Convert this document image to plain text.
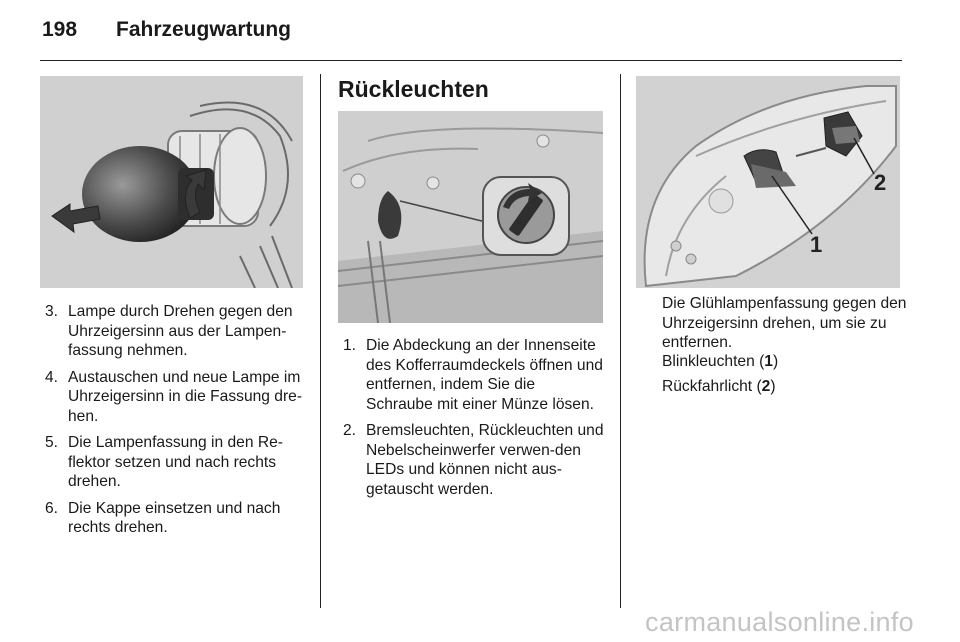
198	Fahrzeugwartung
3. Lampe durch Drehen gegen den Uhrzeigersinn aus der Lampen-fassung nehmen.
4. Austauschen und neue Lampe im Uhrzeigersinn in die Fassung dre-hen.
5. Die Lampenfassung in den Re-flektor setzen und nach rechts drehen.
6. Die Kappe einsetzen und nach rechts drehen.
Rückleuchten
1. Die Abdeckung an der Innenseite des Kofferraumdeckels öffnen und entfernen, indem Sie die Schraube mit einer Münze lösen.
2. Bremsleuchten, Rückleuchten und Nebelscheinwerfer verwen-den LEDs und können nicht aus-getauscht werden.
1
2

Die Glühlampenfassung gegen den Uhrzeigersinn drehen, um sie zu entfernen.

Blinkleuchten (1)

Rückfahrlicht (2)

carmanualsonline.info
